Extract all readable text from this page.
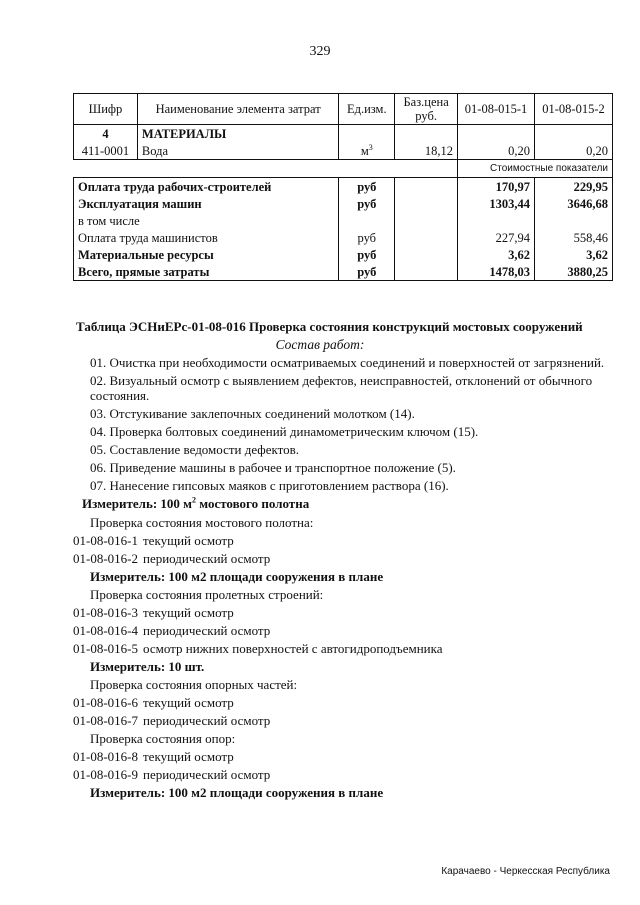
329
Шифр	Наименование элемента затрат	Ед.изм.	Баз.цена руб.	01-08-015-1	01-08-015-2
4	МАТЕРИАЛЫ				
411-0001	Вода	$м^3$	18,12	0,20	0,20
				Стоимостные показатели	
Оплата труда рабочих-строителей		руб		170,97	229,95
Эксплуатация машин		руб		1303,44	3646,68
в том числе					
Оплата труда машинистов		руб		227,94	558,46
Материальные ресурсы		руб		3,62	3,62
Всего, прямые затраты		руб		1478,03	3880,25
Таблица ЭСНиЕРс-01-08-016 Проверка состояния конструкций мостовых сооружений
Состав работ:
01. Очистка при необходимости осматриваемых соединений и поверхностей от загрязнений.
02. Визуальный осмотр с выявлением дефектов, неисправностей, отклонений от обычного состояния.
03. Отстукивание заклепочных соединений молотком (14).
04. Проверка болтовых соединений динамометрическим ключом (15).
05. Составление ведомости дефектов.
06. Приведение машины в рабочее и транспортное положение (5).
07. Нанесение гипсовых маяков с приготовлением раствора (16).
Измеритель: 100 $м^2$ мостового полотна
Проверка состояния мостового полотна:
01-08-016-1 текущий осмотр
01-08-016-2 периодический осмотр
Измеритель: 100 м2 площади сооружения в плане
Проверка состояния пролетных строений:
01-08-016-3 текущий осмотр
01-08-016-4 периодический осмотр
01-08-016-5 осмотр нижних поверхностей с автогидроподъемника
Измеритель: 10 шт.
Проверка состояния опорных частей:
01-08-016-6 текущий осмотр
01-08-016-7 периодический осмотр
Проверка состояния опор:
01-08-016-8 текущий осмотр
01-08-016-9 периодический осмотр
Измеритель: 100 м2 площади сооружения в плане
Карачаево - Черкесская Республика
